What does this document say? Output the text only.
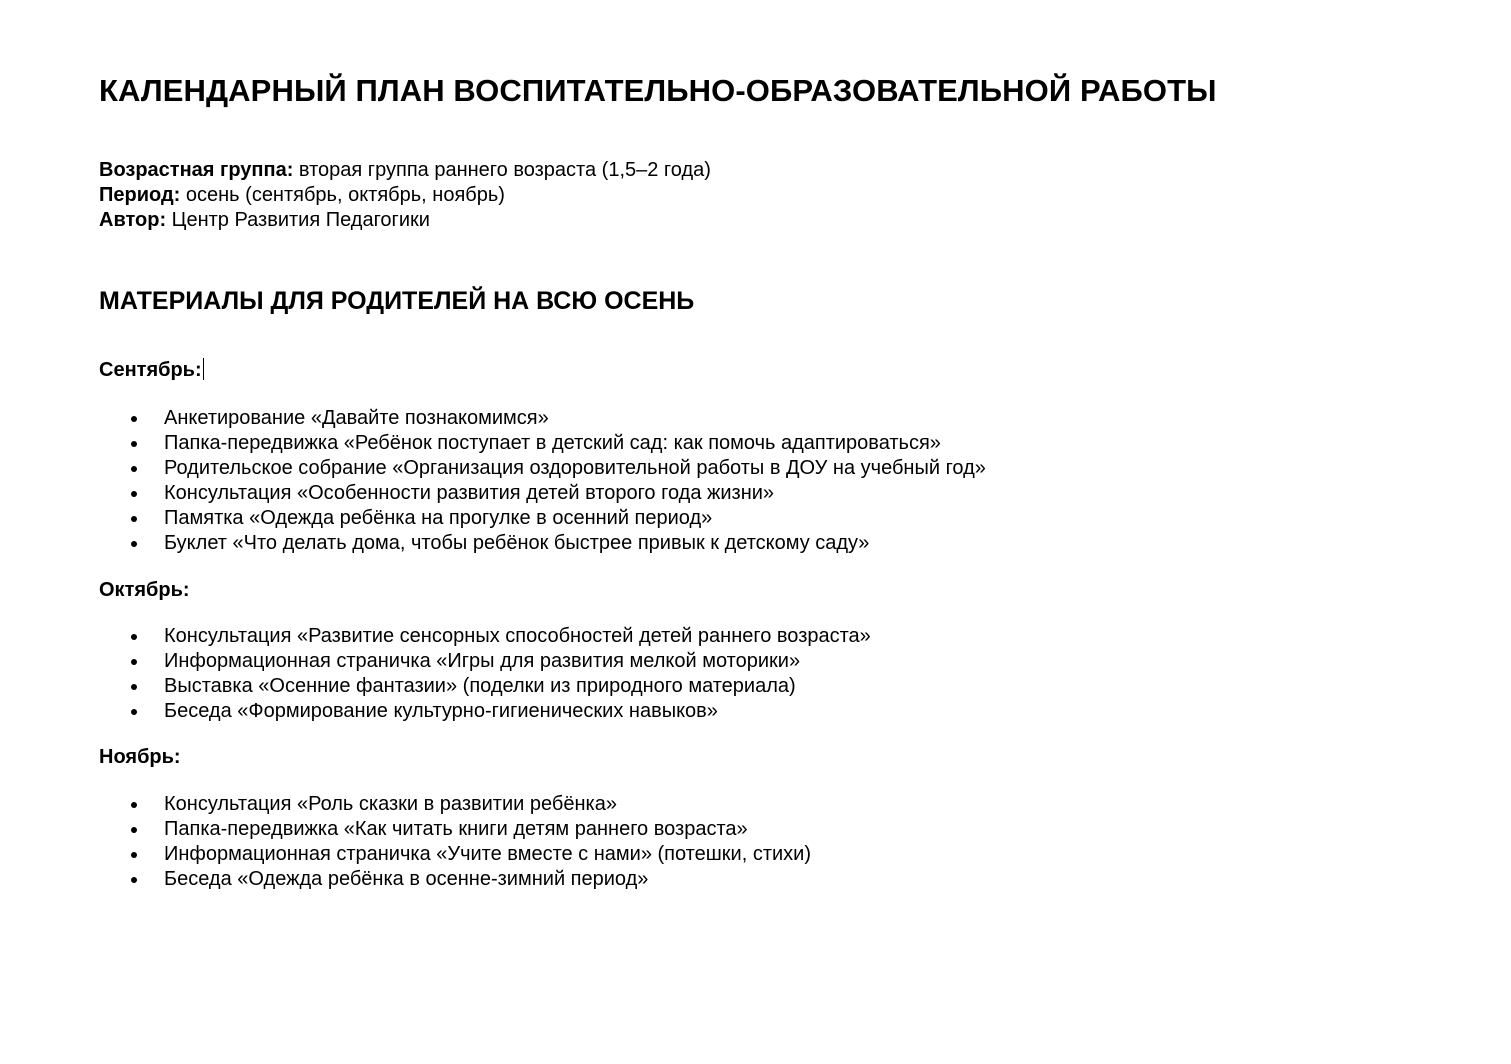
КАЛЕНДАРНЫЙ ПЛАН ВОСПИТАТЕЛЬНО-ОБРАЗОВАТЕЛЬНОЙ РАБОТЫ
Возрастная группа: вторая группа раннего возраста (1,5–2 года)
Период: осень (сентябрь, октябрь, ноябрь)
Автор: Центр Развития Педагогики
МАТЕРИАЛЫ ДЛЯ РОДИТЕЛЕЙ НА ВСЮ ОСЕНЬ
Сентябрь:
Анкетирование «Давайте познакомимся»
Папка-передвижка «Ребёнок поступает в детский сад: как помочь адаптироваться»
Родительское собрание «Организация оздоровительной работы в ДОУ на учебный год»
Консультация «Особенности развития детей второго года жизни»
Памятка «Одежда ребёнка на прогулке в осенний период»
Буклет «Что делать дома, чтобы ребёнок быстрее привык к детскому саду»
Октябрь:
Консультация «Развитие сенсорных способностей детей раннего возраста»
Информационная страничка «Игры для развития мелкой моторики»
Выставка «Осенние фантазии» (поделки из природного материала)
Беседа «Формирование культурно-гигиенических навыков»
Ноябрь:
Консультация «Роль сказки в развитии ребёнка»
Папка-передвижка «Как читать книги детям раннего возраста»
Информационная страничка «Учите вместе с нами» (потешки, стихи)
Беседа «Одежда ребёнка в осенне-зимний период»
